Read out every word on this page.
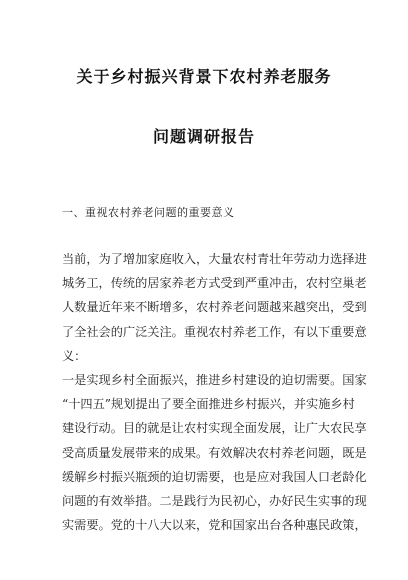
关于乡村振兴背景下农村养老服务
问题调研报告
一、重视农村养老问题的重要意义
当前，为了增加家庭收入，大量农村青壮年劳动力选择进
城务工，传统的居家养老方式受到严重冲击，农村空巢老
人数量近年来不断增多，农村养老问题越来越突出，受到
了全社会的广泛关注。重视农村养老工作，有以下重要意
义：
一是实现乡村全面振兴，推进乡村建设的迫切需要。国家
“十四五”规划提出了要全面推进乡村振兴，并实施乡村
建设行动。目的就是让农村实现全面发展，让广大农民享
受高质量发展带来的成果。有效解决农村养老问题，既是
缓解乡村振兴瓶颈的迫切需要，也是应对我国人口老龄化
问题的有效举措。二是践行为民初心，办好民生实事的现
实需要。党的十八大以来，党和国家出台各种惠民政策，
